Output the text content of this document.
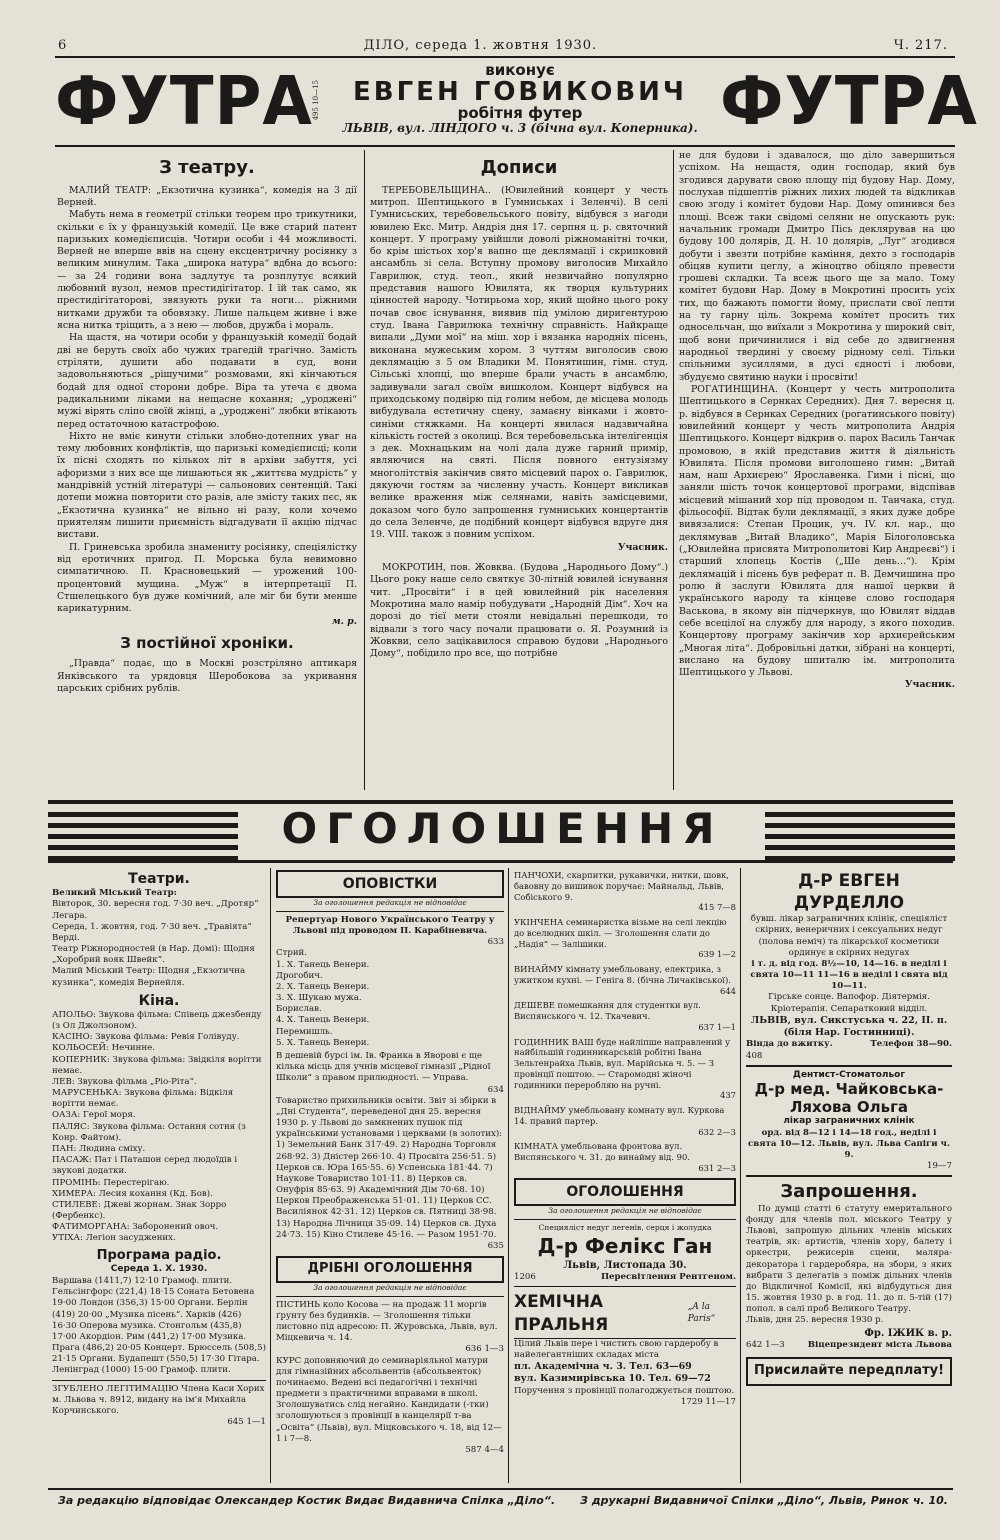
6	ДІЛО, середа 1. жовтня 1930.	Ч. 217.
ФУТРА 495 10—15
виконує
ЕВГЕН ГОВИКОВИЧ
робітня футер
ЛЬВІВ, вул. ЛІНДОГО ч. 3 (бічна вул. Коперника). ФУТРА
З театру.

МАЛИЙ ТЕАТР: „Екзотична кузинка“, комедія на 3 дії Верней.

Мабуть нема в геометрії стільки теорем про трикутники, скільки є їх у французькій комедії. Це вже старий патент паризьких комедієписців. Чотири особи і 44 можливості. Верней не вперше ввів на сцену ексцентричну росіянку з великим минулим. Така „широка натура“ вдбна до всього: — за 24 години вона задлутує та розплутує всякий любовний вузол, немов престидігітатор. І їй так само, як престидігітаторові, звязують руки та ноги… ріжними нитками дружби та обовязку. Лише пальцем живне і вже ясна нитка тріщить, а з нею — любов, дружба і мораль.

На щастя, на чотири особи у французькій комедії бодай дві не беруть своїх або чужих трагедій трагічно. Замість стріляти, душити або подавати в суд, вони задовольняються „рішучими“ розмовами, які кінчаються бодай для одної сторони добре. Віра та утеча є двома радикальними ліками на нещасне кохання; „уроджені“ мужі вірять сліпо своїй жінці, а „уроджені“ любки втікають перед остаточною катастрофою.

Ніхто не вміє кинути стільки злобно-дотепних уваг на тему любовних конфліктів, що паризькі комедієписці; коли їх пісні сходять по кількох літ в архіви забуття, усі афоризми з них все ще лишаються як „життєва мудрість“ у мандрівній устній літературі — сальонових сентенцій. Такі дотепи можна повторити сто разів, але змісту таких пєс, як „Екзотична кузинка“ не вільно ні разу, коли хочемо приятелям лишити приємність відгадувати її акцію підчас вистави.

П. Гриневська зробила знамениту росіянку, спеціялістку від еротичних пригод. П. Морська була невимовно симпатичною. П. Красновецький — урожений 100-процентовий мущина. „Муж“ в інтерпретації П. Стшелецького був дуже комічний, але міг би бути менше карикатурним.

м. р.
З постійної хроніки.

„Правда“ подає, що в Москві розстріляно аптикаря Янківського та урядовця Шеробокова за укривання царських срібних рублів.

Дописи

ТЕРЕБОВЕЛЬЩИНА.. (Ювилейний концерт у честь митроп. Шептицького в Гумниськах і Зеленчі). В селі Гумнисьских, теребовельського повіту, відбувся з нагоди ювилею Екс. Митр. Андрія дня 17. серпня ц. р. святочний концерт. У програму увійшли доволі ріжноманітні точки, бо крім шістьох хор'я вапно ще деклямації і скрипковий ансамбль зі села. Вступну промову виголосив Михайло Гаврилюк, студ. теол., який незвичайно популярно представив нашого Ювилята, як творця культурних цінностей народу. Чотирьома хор, який щойно цього року почав своє існування, виявив під умілою диригентурою студ. Івана Гаврилюка технічну справність. Найкраще випали „Думи мої“ на міш. хор і вязанка народніх пісень, виконана мужеським хором. З чуттям виголосив свою деклямацію з 5 ом Владики М. Понятишин, гімн. студ. Сільські хлопці, що вперше брали участь в ансамблю, задивували загал своїм вишколом. Концерт відбувся на приходському подвірю під голим небом, де місцева молодь вибудувала естетичну сцену, замаєну вінками і жовто-синіми стяжками. На концерті явилася надзвичайна кількість гостей з околиці. Вся теребовельська інтелігенція з дек. Мохнацьким на чолі дала дуже гарний примір, являючися на святі. Після повного ентузіязму многолітствія закінчив свято місцевий парох о. Гаврилюк, дякуючи гостям за численну участь. Концерт викликав велике враження між селянами, навіть замісцевими, доказом чого було запрошення гумниських концертантів до села Зеленче, де подібний концерт відбувся вдруге дня 19. VIII. також з повним успіхом.

Учасник.

МОКРОТИН, пов. Жовква. (Будова „Народнього Дому“.) Цього року наше село святкує 30-літній ювилей існування чит. „Просвіти“ і в цей ювилейний рік населення Мокротина мало намір побудувати „Народній Дім“. Хоч на дорозі до тієї мети стояли невідальні перешкоди, то відвали з того часу почали працювати о. Я. Розумний із Жовкви, село зацікавилося справою будови „Народнього Дому“, побідило про все, що потрібне

не для будови і здавалося, що діло завершиться успіхом. На нещастя, один господар, який був згодився дарувати свою площу під будову Нар. Дому, послухав підшептів ріжних лихих людей та відкликав свою згоду і комітет будови Нар. Дому опинився без площі. Всеж таки свідомі селяни не опускають рук: начальник громади Дмитро Пісь деклярував на цю будову 100 долярів, Д. Н. 10 долярів, „Луг“ згодився добути і звезти потрібне каміння, дехто з господарів обіцяв купити цеглу, а жіноцтво обіцяло превести грошеві складки. Та всеж цього ще за мало. Тому комітет будови Нар. Дому в Мокротині просить усіх тих, що бажають помогти йому, прислати свої лепти на ту гарну ціль. Зокрема комітет просить тих односельчан, що виїхали з Мокротина у широкий світ, щоб вони причинилися і від себе до здвигнення народньої твердині у своєму рідному селі. Тільки спільними зусиллями, в дусі єдності і любови, збудуємо святиню науки і просвіти!

РОГАТИНЩИНА. (Концерт у честь митрополита Шептицького в Сернках Середних). Дня 7. вересня ц. р. відбувся в Сернках Середних (рогатинського повіту) ювилейний концерт у честь митрополита Андрія Шептицького. Концерт відкрив о. парох Василь Танчак промовою, в якій представив життя й діяльність Ювилята. Після промови виголошено гимн: „Витай нам, наш Архиєрею“ Ярославенка. Гимн і пісні, що заняли шість точок концертової програми, відспівав місцевий мішаний хор під проводом п. Танчака, студ. фільософії. Відтак були деклямації, з яких дуже добре вивязалися: Степан Процик, уч. IV. кл. нар., що деклямував „Витай Владико“, Марія Білоголовська („Ювилейна присвята Митрополитові Кир Андреєві“) і старший хлопець Костів („Ше день…“). Крім деклямацій і пісень був реферат п. В. Демчишина про ролю й заслуги Ювилята для нашої церкви й українського народу та кінцеве слово господаря Васькова, в якому він підчеркнув, що Ювилят віддав себе всецілої на службу для народу, з якого походив. Концертову програму закінчив хор архиєрейським „Многая літа“. Добровільні датки, зібрані на концерті, вислано на будову шпиталю ім. митрополита Шептицького у Львові.

Учасник.
ОГОЛОШЕННЯ
Театри.
Великий Міський Театр:
Вівторок, 30. вересня год. 7·30 веч. „Дротяр“ Легара.
Середа, 1. жовтня, год. 7·30 веч. „Травіята“ Верді.
Театр Ріжнородностей (в Нар. Домі): Щодня „Хоробрий вояк Швейк“.
Малий Міський Театр: Щодня „Екзотична кузинка“, комедія Вернейля.
Кіна.
АПОЛЬО: Звукова фільма: Співець джезбенду (з Ол Джолзоном).
КАСІНО: Звукова фільма: Ревія Голівуду.
КОЛЬОСЕЙ: Нечинне.
КОПЕРНИК: Звукова фільма: Звідкіля ворітти немає.
ЛЕВ: Звукова фільма „Ріо-Ріта“.
МАРУСЕНЬКА: Звукова фільма: Відкіля ворітти немає.
ОАЗА: Герої моря.
ПАЛЯС: Звукова фільма: Остання сотня (з Конр. Файтом).
ПАН: Людина сміху.
ПАСАЖ: Пат і Паташон серед людоїдів і звукові додатки.
ПРОМІНЬ: Перестерігаю.
ХИМЕРА: Лесия кохання (Кд. Бов).
СТИЛЕВЕ: Джеві жорнам. Знак Зорро (Фербенкс).
ФАТИМОРГАНА: Заборонений овоч.
УТІХА: Легіон засуджених.
Програма радіо.
Середа 1. Х. 1930.

Варшава (1411,7) 12·10 Грамоф. плити. Гельсінгфорс (221,4) 18·15 Соната Бетовена 19·00 Лондон (356,3) 15·00 Органи. Берлін (419) 20·00 „Музика пісень“. Харків (426) 16·30 Оперова музика. Стонгольм (435,8) 17·00 Акордіон. Рим (441,2) 17·00 Музика. Прага (486,2) 20·05 Концерт. Брюссель (508,5) 21·15 Органи. Будапешт (550,5) 17·30 Гітара. Ленінград (1000) 15·00 Грамоф. плити.

ЗГУБЛЕНО ЛЕГІТИМАЦІЮ Члена Каси Хорих м. Львова ч. 8912, видану на ім'я Михайла Корчинського.

645 1—1
ОПОВІСТКИ
За оголошення редакція не відповідає

Репертуар Нового Українського Театру у Львові під проводом П. Карабіневича.

633
Стрий.
1. Х. Танець Венери.
Дрогобич.
2. Х. Танець Венери.
3. Х. Шукаю мужа.
Борислав.
4. Х. Танець Венери.
Перемишль.
5. Х. Танець Венери.

В дешевій бурсі ім. Ів. Франка в Яворові є ще кілька місць для учнів місцевої гімназії „Рідної Школи“ з правом прилюдності. — Управа.

634

Товариство прихильників освіти. Звіт зі збірки в „Дні Студента“, переведеної дня 25. вересня 1930 р. у Львові до замкнених пушок під українськими установами і церквами (в золотих): 1) Земельний Банк 317·49. 2) Народна Торговля 268·92. 3) Дністер 266·10. 4) Просвіта 256·51. 5) Церков св. Юра 165·55. 6) Успенська 181·44. 7) Наукове Товариство 101·11. 8) Церков св. Онуфрія 85·63. 9) Академічний Дім 70·68. 10) Церков Преображенська 51·01. 11) Церков СС. Василіянок 42·31. 12) Церков св. Пятниці 38·98. 13) Народна Лічниця 35·09. 14) Церков св. Духа 24·73. 15) Кіно Стилеве 45·16. — Разом 1951·70.

635
ДРІБНІ ОГОЛОШЕННЯ
За оголошення редакція не відповідає

ПІСТИНЬ коло Косова — на продаж 11 моргів ґрунту без будинків. — Зголошення тільки листовно під адресою: П. Журовська, Львів, вул. Міцкевича ч. 14.

636 1—3

КУРС доповняючий до семинаріяльної матури для гімназійних абсольвентів (абсольвенток) починаємо. Ведені всі педагогічні і технічні предмети з практичними вправами в школі. Зголошуватись слід негайно. Кандидати (-тки) зголошуються з провінції в канцелярії т-ва „Освіта“ (Львів), вул. Міцковського ч. 18, від 12—1 і 7—8.

587 4—4
ПАНЧОХИ, скарпитки, рукавички, нитки, шовк, бавовну до вишивок поручає: Майнальд, Львів, Собіського 9.
415 7—8
УКІНЧЕНА семинаристка візьме на селі лекцію до вселюдних шкіл. — Зголошення слати до „Надія“ — Залішики.
639 1—2
ВИНАЙМУ кімнату умебльовану, електрика, з ужитком кухні. — Геніга 8. (бічна Личаківської).
644
ДЕШЕВЕ помешкання для студентки вул. Виспянського ч. 12. Ткачевич.
637 1—1
ГОДИННИК ВАШ буде найліпше направлений у найбільшій годинникарській робітні Івана Зельтенрайха Львів, вул. Марійська ч. 5. — З провінції поштою. — Старомодні жіночі годинники переробляю на ручні.
437
ВІДНАЙМУ умебльовану комнату вул. Куркова 14. правий партер.
632 2—3
КІМНАТА умебльована фронтова вул. Виспянського ч. 31. до винайму від. 90.
631 2—3
ОГОЛОШЕННЯ
За оголошення редакція не відповідає
Специяліст недуг легенів, серця і жолудка
Д-р Фелікс Ган
Львів, Листопада 30.
1206	Пересвітлення Рентгеном.
ХЕМІЧНА ПРАЛЬНЯ
„A la Paris“

Цілий Львів пере і чистить свою гардеробу в найелегантніших складах міста

пл. Академічна ч. 3. Тел. 63—69
вул. Казимирівська 10. Тел. 69—72

Поручення з провінції полагоджується поштою.

1729 11—17
Д-Р ЕВГЕН ДУРДЕЛЛО

бувш. лікар заграничних клінік, спеціяліст скірних, венеричних і сексуальних недуг (полова неміч) та лікарської косметики ординує в скірних недугах

і т. д. від год. 8½—10, 14—16. в неділі і свята 10—11 11—16 в неділі і свята від 10—11.

Гірське сонце. Вапофор. Діятермія. Кріотерапія. Сепаратковий відділ.

ЛЬВІВ, вул. Сикстуська ч. 22, ІІ. п. (біля Нар. Гостинниці).

Вінда до вжитку.	Телефон 38—90.
408
Дентист-Стоматольог
Д-р мед. Чайковська-Ляхова Ольга
лікар заграничних клінік

орд. від 8—12 і 14—18 год., неділі і свята 10—12. Львів, вул. Льва Сапіги ч. 9.

19—7
Запрошення.

По думці статті 6 статуту емеритального фонду для членів пол. міського Театру у Львові, запрошую дільних членів міських театрів, як: артистів, членів хору, балету і оркестри, режисерів сцени, маляра-декоратора і гардеробяра, на збори, з яких вибрати 3 делегатів з поміж дільних членів до Відкличної Комісії, які відбудуться дня 15. жовтня 1930 р. в год. 11. до п. 5-тій (17) попол. в салі проб Великого Театру.

Львів, дня 25. вересня 1930 р.
Фр. ІЖИК в. р.
642 1—3	Віцепрезидент міста Львова
Присилайте передплату!
За редакцію відповідає Олександер Костик Видає Видавнича Спілка „Діло“. З друкарні Видавничої Спілки „Діло“, Львів, Ринок ч. 10.
